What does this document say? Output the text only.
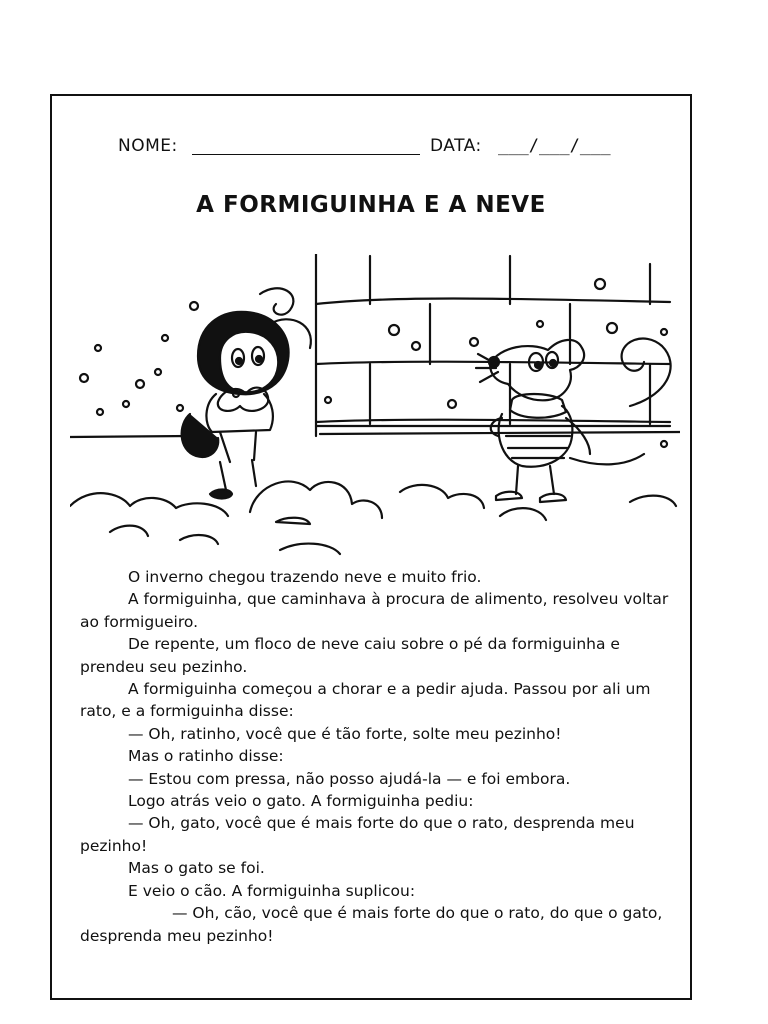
NOME:	DATA: ___/___/___
A FORMIGUINHA E A NEVE

O inverno chegou trazendo neve e muito frio.

A formiguinha, que caminhava à procura de alimento, resolveu voltar ao formigueiro.

De repente, um floco de neve caiu sobre o pé da formiguinha e prendeu seu pezinho.

A formiguinha começou a chorar e a pedir ajuda. Passou por ali um rato, e a formiguinha disse:

— Oh, ratinho, você que é tão forte, solte meu pezinho!

Mas o ratinho disse:

— Estou com pressa, não posso ajudá-la — e foi embora.

Logo atrás veio o gato. A formiguinha pediu:

— Oh, gato, você que é mais forte do que o rato, desprenda meu pezinho!

Mas o gato se foi.

E veio o cão. A formiguinha suplicou:

— Oh, cão, você que é mais forte do que o rato, do que o gato, desprenda meu pezinho!
